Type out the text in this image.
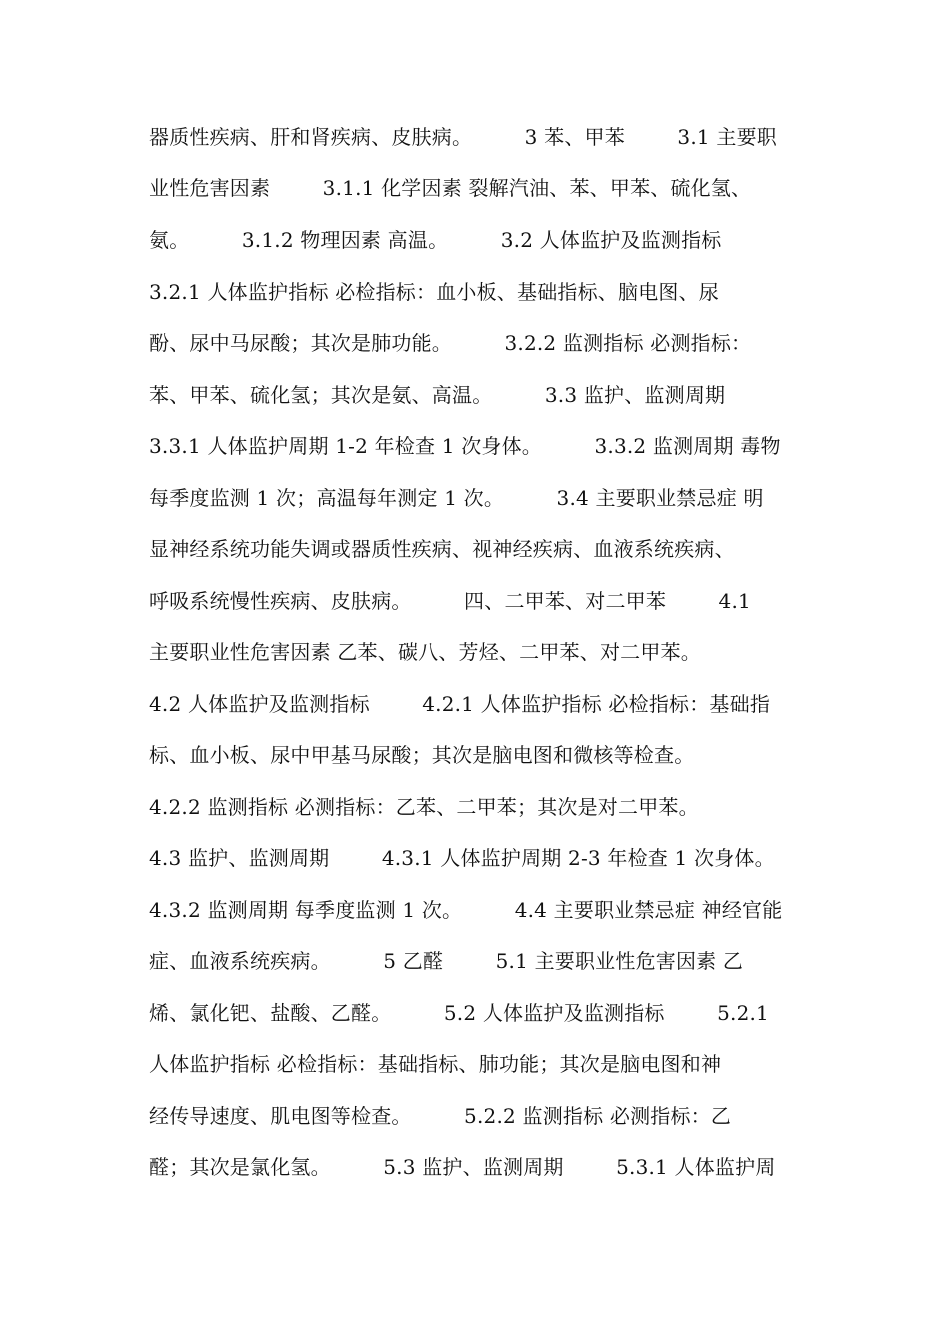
器质性疾病、肝和肾疾病、皮肤病。        3 苯、甲苯        3.1 主要职
业性危害因素        3.1.1 化学因素 裂解汽油、苯、甲苯、硫化氢、
氨。        3.1.2 物理因素 高温。        3.2 人体监护及监测指标
3.2.1 人体监护指标 必检指标：血小板、基础指标、脑电图、尿
酚、尿中马尿酸；其次是肺功能。        3.2.2 监测指标 必测指标：
苯、甲苯、硫化氢；其次是氨、高温。        3.3 监护、监测周期
3.3.1 人体监护周期 1-2 年检查 1 次身体。        3.3.2 监测周期 毒物
每季度监测 1 次；高温每年测定 1 次。        3.4 主要职业禁忌症 明
显神经系统功能失调或器质性疾病、视神经疾病、血液系统疾病、
呼吸系统慢性疾病、皮肤病。        四、二甲苯、对二甲苯        4.1
主要职业性危害因素 乙苯、碳八、芳烃、二甲苯、对二甲苯。
4.2 人体监护及监测指标        4.2.1 人体监护指标 必检指标：基础指
标、血小板、尿中甲基马尿酸；其次是脑电图和微核等检查。
4.2.2 监测指标 必测指标：乙苯、二甲苯；其次是对二甲苯。
4.3 监护、监测周期        4.3.1 人体监护周期 2-3 年检查 1 次身体。
4.3.2 监测周期 每季度监测 1 次。        4.4 主要职业禁忌症 神经官能
症、血液系统疾病。        5 乙醛        5.1 主要职业性危害因素 乙
烯、氯化钯、盐酸、乙醛。        5.2 人体监护及监测指标        5.2.1
人体监护指标 必检指标：基础指标、肺功能；其次是脑电图和神
经传导速度、肌电图等检查。        5.2.2 监测指标 必测指标：乙
醛；其次是氯化氢。        5.3 监护、监测周期        5.3.1 人体监护周
